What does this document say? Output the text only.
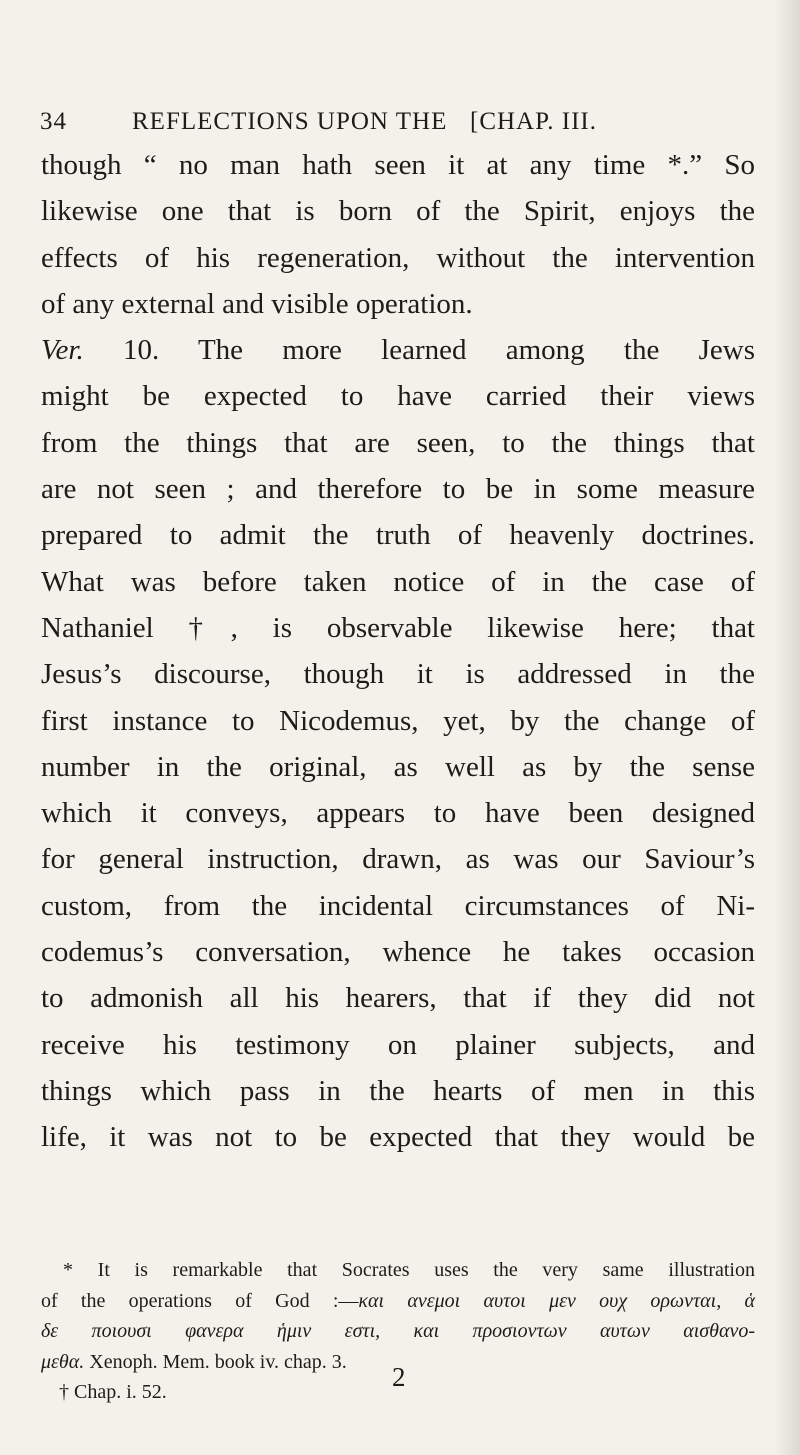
34	REFLECTIONS UPON THE [CHAP. III.
though “ no man hath seen it at any time *.” So
likewise one that is born of the Spirit, enjoys the
effects of his regeneration, without the intervention
of any external and visible operation.
Ver. 10. The more learned among the Jews
might be expected to have carried their views
from the things that are seen, to the things that
are not seen ; and therefore to be in some measure
prepared to admit the truth of heavenly doctrines.
What was before taken notice of in the case of
Nathaniel †, is observable likewise here; that
Jesus’s discourse, though it is addressed in the
first instance to Nicodemus, yet, by the change of
number in the original, as well as by the sense
which it conveys, appears to have been designed
for general instruction, drawn, as was our Saviour’s
custom, from the incidental circumstances of Ni-
codemus’s conversation, whence he takes occasion
to admonish all his hearers, that if they did not
receive his testimony on plainer subjects, and
things which pass in the hearts of men in this
life, it was not to be expected that they would be
* It is remarkable that Socrates uses the very same illustration
of the operations of God :—και ανεμοι αυτοι μεν ουχ ορωνται, ἁ
δε ποιουσι φανερα ἡμιν εστι, και προσιοντων αυτων αισθανο-
μεθα. Xenoph. Mem. book iv. chap. 3.
† Chap. i. 52.	2
